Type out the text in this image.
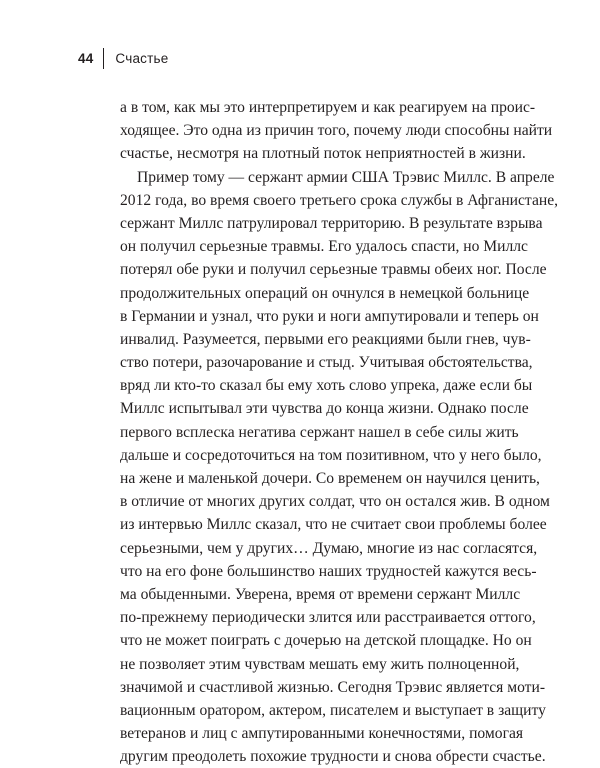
44 Счастье
а в том, как мы это интерпретируем и как реагируем на проис-
ходящее. Это одна из причин того, почему люди способны найти
счастье, несмотря на плотный поток неприятностей в жизни.
Пример тому — сержант армии США Трэвис Миллс. В апреле
2012 года, во время своего третьего срока службы в Афганистане,
сержант Миллс патрулировал территорию. В результате взрыва
он получил серьезные травмы. Его удалось спасти, но Миллс
потерял обе руки и получил серьезные травмы обеих ног. После
продолжительных операций он очнулся в немецкой больнице
в Германии и узнал, что руки и ноги ампутировали и теперь он
инвалид. Разумеется, первыми его реакциями были гнев, чув-
ство потери, разочарование и стыд. Учитывая обстоятельства,
вряд ли кто-то сказал бы ему хоть слово упрека, даже если бы
Миллс испытывал эти чувства до конца жизни. Однако после
первого всплеска негатива сержант нашел в себе силы жить
дальше и сосредоточиться на том позитивном, что у него было,
на жене и маленькой дочери. Со временем он научился ценить,
в отличие от многих других солдат, что он остался жив. В одном
из интервью Миллс сказал, что не считает свои проблемы более
серьезными, чем у других… Думаю, многие из нас согласятся,
что на его фоне большинство наших трудностей кажутся весь-
ма обыденными. Уверена, время от времени сержант Миллс
по-прежнему периодически злится или расстраивается оттого,
что не может поиграть с дочерью на детской площадке. Но он
не позволяет этим чувствам мешать ему жить полноценной,
значимой и счастливой жизнью. Сегодня Трэвис является моти-
вационным оратором, актером, писателем и выступает в защиту
ветеранов и лиц с ампутированными конечностями, помогая
другим преодолеть похожие трудности и снова обрести счастье.
